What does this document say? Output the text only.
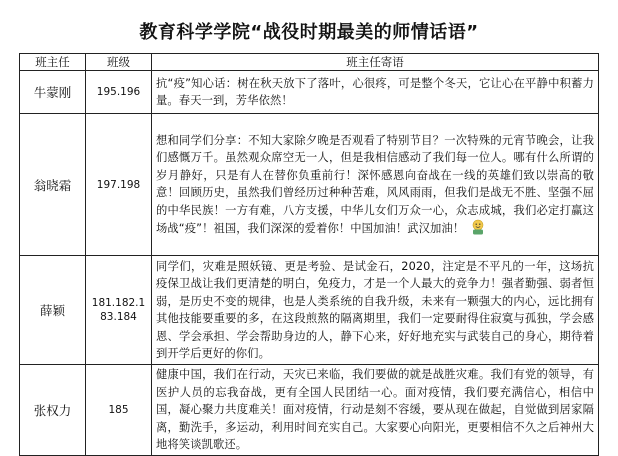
教育科学学院“战役时期最美的师情话语”
班主任	班级	班主任寄语
牛蒙刚	195.196	抗“疫”知心话：树在秋天放下了落叶，心很疼，可是整个冬天，它让心在平静中积蓄力量。春天一到，芳华依然！
翁晓霜	197.198	想和同学们分享：不知大家除夕晚是否观看了特别节目？一次特殊的元宵节晚会，让我们感慨万千。虽然观众席空无一人，但是我相信感动了我们每一位人。哪有什么所谓的岁月静好，只是有人在替你负重前行！深怀感恩向奋战在一线的英雄们致以崇高的敬意！回顾历史，虽然我们曾经历过种种苦难，风风雨雨，但我们是战无不胜、坚强不屈的中华民族！一方有难，八方支援，中华儿女们万众一心，众志成城，我们必定打赢这场战“疫”！祖国，我们深深的爱着你！中国加油！武汉加油！
薛颖	181.182.183.184	同学们，灾难是照妖镜、更是考验、是试金石，2020，注定是不平凡的一年，这场抗疫保卫战让我们更清楚的明白，免疫力，才是一个人最大的竞争力！强者勤强、弱者恒弱，是历史不变的规律，也是人类系统的自我升级，未来有一颗强大的内心，远比拥有其他技能要重要的多，在这段煎熬的隔离期里，我们一定要耐得住寂寞与孤独，学会感恩、学会承担、学会帮助身边的人，静下心来，好好地充实与武装自己的身心，期待着到开学后更好的你们。
张权力	185	健康中国，我们在行动，天灾已来临，我们要做的就是战胜灾难。我们有党的领导，有医护人员的忘我奋战，更有全国人民团结一心。面对疫情，我们要充满信心，相信中国，凝心聚力共度难关！面对疫情，行动是刻不容缓，要从现在做起，自觉做到居家隔离，勤洗手，多运动，利用时间充实自己。大家要心向阳光，更要相信不久之后神州大地将笑谈凯歌还。
